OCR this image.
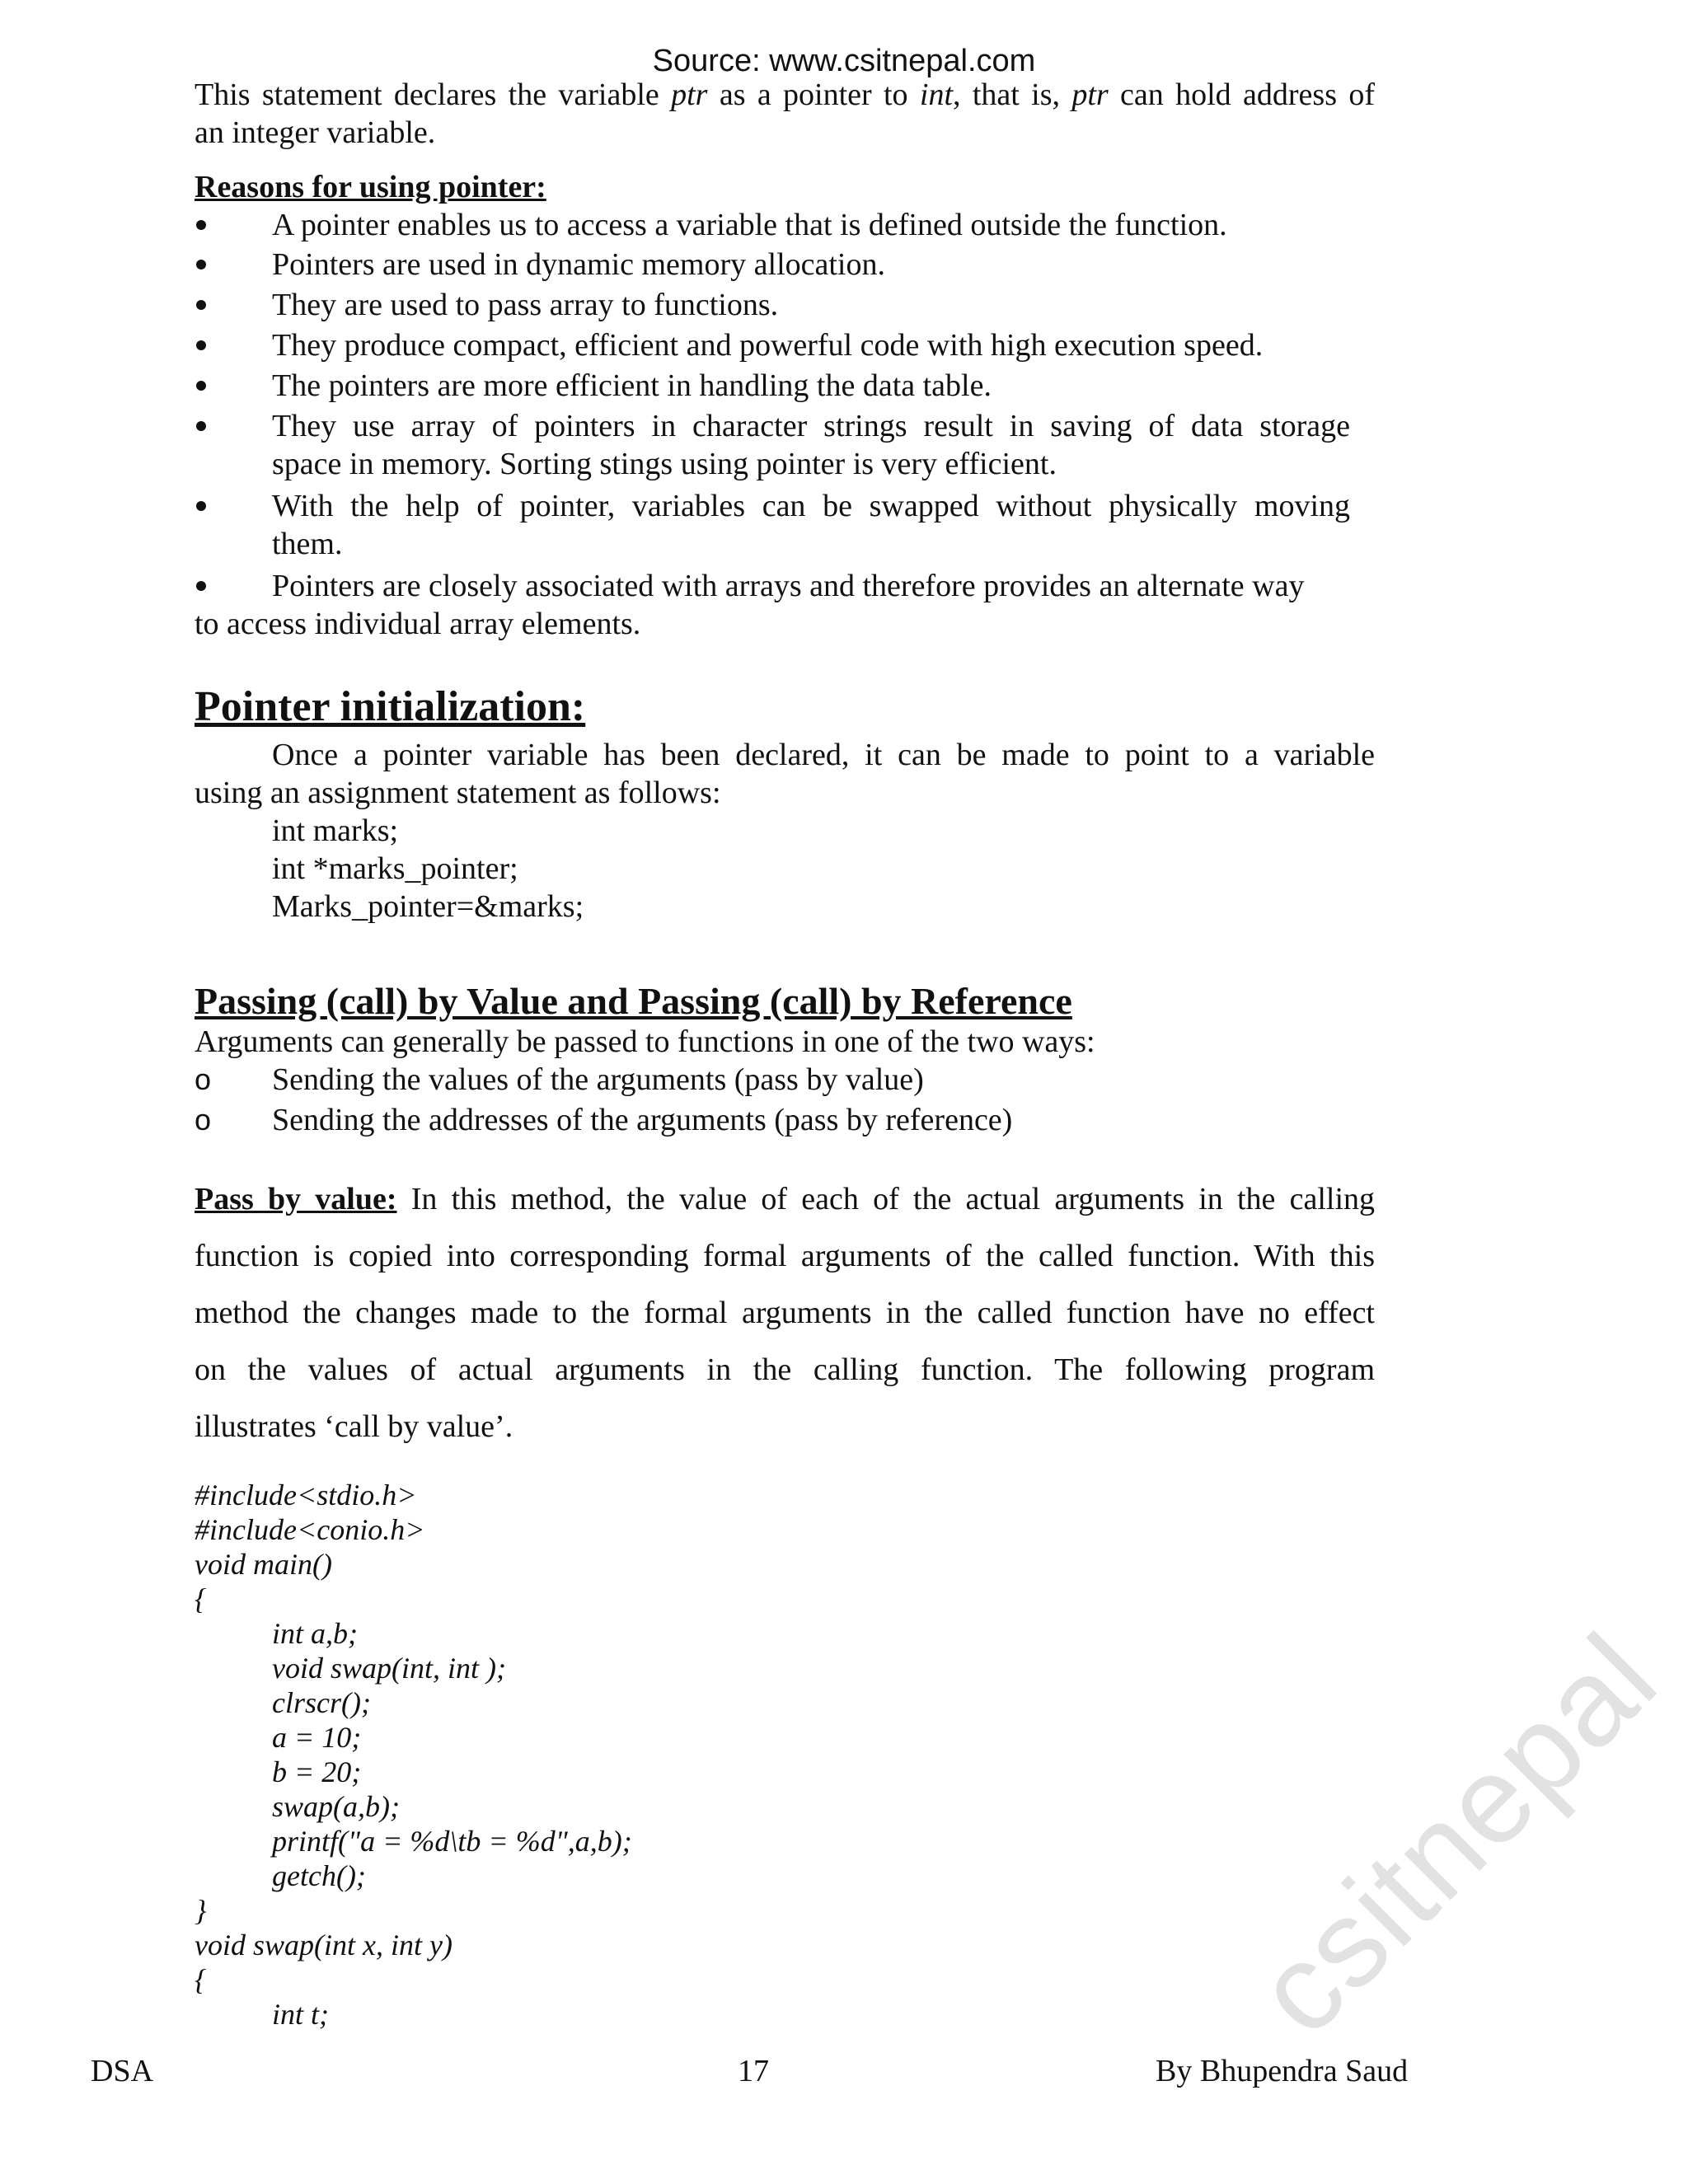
Source: www.csitnepal.com
This statement declares the variable ptr as a pointer to int, that is, ptr can hold address of
an integer variable.
Reasons for using pointer:
A pointer enables us to access a variable that is defined outside the function.
Pointers are used in dynamic memory allocation.
They are used to pass array to functions.
They produce compact, efficient and powerful code with high execution speed.
The pointers are more efficient in handling the data table.
They use array of pointers in character strings result in saving of data storage
space in memory. Sorting stings using pointer is very efficient.
With the help of pointer, variables can be swapped without physically moving
them.
Pointers are closely associated with arrays and therefore provides an alternate way
to access individual array elements.
Pointer initialization:
Once a pointer variable has been declared, it can be made to point to a variable
using an assignment statement as follows:
int marks;
int *marks_pointer;
Marks_pointer=&marks;
Passing (call) by Value and Passing (call) by Reference
Arguments can generally be passed to functions in one of the two ways:
o Sending the values of the arguments (pass by value)
o Sending the addresses of the arguments (pass by reference)
Pass by value: In this method, the value of each of the actual arguments in the calling
function is copied into corresponding formal arguments of the called function. With this
method the changes made to the formal arguments in the called function have no effect
on the values of actual arguments in the calling function. The following program
illustrates ‘call by value’.
#include<stdio.h>
#include<conio.h>
void main()
{
int a,b;
void swap(int, int );
clrscr();
a = 10;
b = 20;
swap(a,b);
printf("a = %d\tb = %d",a,b);
getch();
}
void swap(int x, int y)
{
int t;	csitnepal
DSA	17	By Bhupendra Saud
